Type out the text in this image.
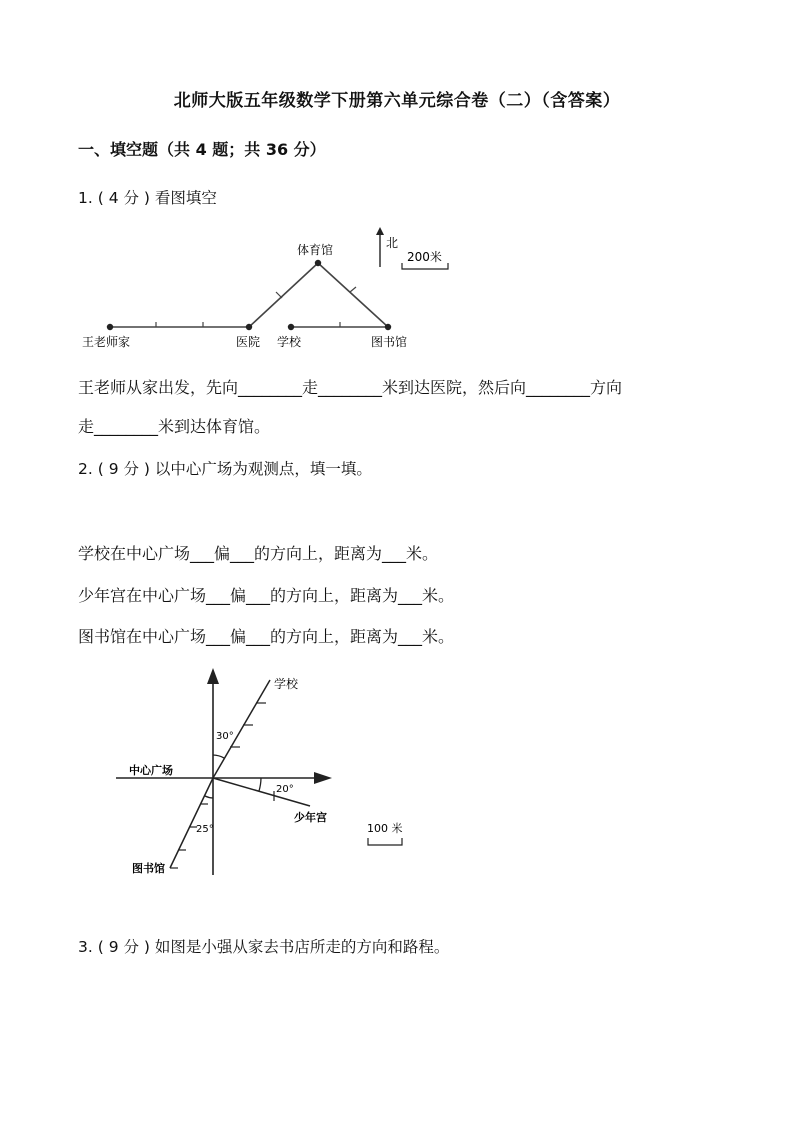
北师大版五年级数学下册第六单元综合卷（二）（含答案）
一、填空题（共 4 题；共 36 分）
1. ( 4 分 ) 看图填空
王老师家	医院 学校	图书馆
体育馆	北
200米
王老师从家出发，先向________走________米到达医院，然后向________方向
走________米到达体育馆。
2. ( 9 分 ) 以中心广场为观测点，填一填。
学校在中心广场___偏___的方向上，距离为___米。
少年宫在中心广场___偏___的方向上，距离为___米。
图书馆在中心广场___偏___的方向上，距离为___米。
30°
20°
25°
中心广场
学校
少年宫
图书馆
100 米
3. ( 9 分 ) 如图是小强从家去书店所走的方向和路程。
